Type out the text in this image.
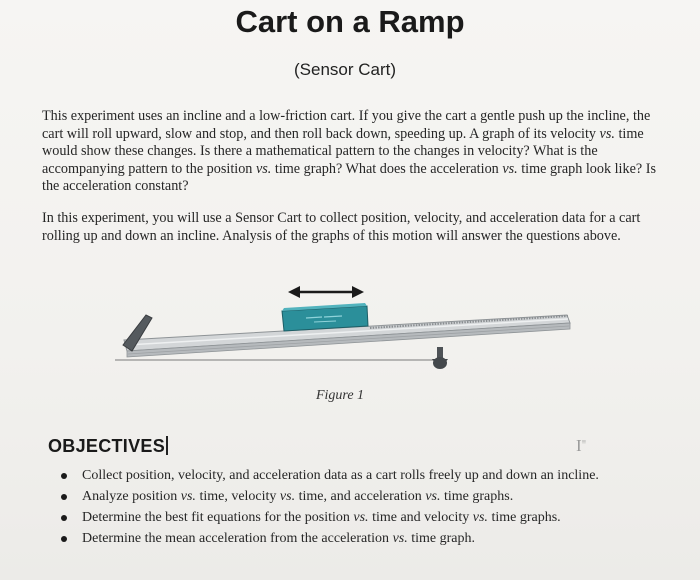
Cart on a Ramp
(Sensor Cart)

This experiment uses an incline and a low-friction cart. If you give the cart a gentle push up the incline, the cart will roll upward, slow and stop, and then roll back down, speeding up. A graph of its velocity vs. time would show these changes. Is there a mathematical pattern to the changes in velocity? What is the accompanying pattern to the position vs. time graph? What does the acceleration vs. time graph look like? Is the acceleration constant?

In this experiment, you will use a Sensor Cart to collect position, velocity, and acceleration data for a cart rolling up and down an incline. Analysis of the graphs of this motion will answer the questions above.

Figure 1
OBJECTIVES	I≡
Collect position, velocity, and acceleration data as a cart rolls freely up and down an incline.
Analyze position vs. time, velocity vs. time, and acceleration vs. time graphs.
Determine the best fit equations for the position vs. time and velocity vs. time graphs.
Determine the mean acceleration from the acceleration vs. time graph.
